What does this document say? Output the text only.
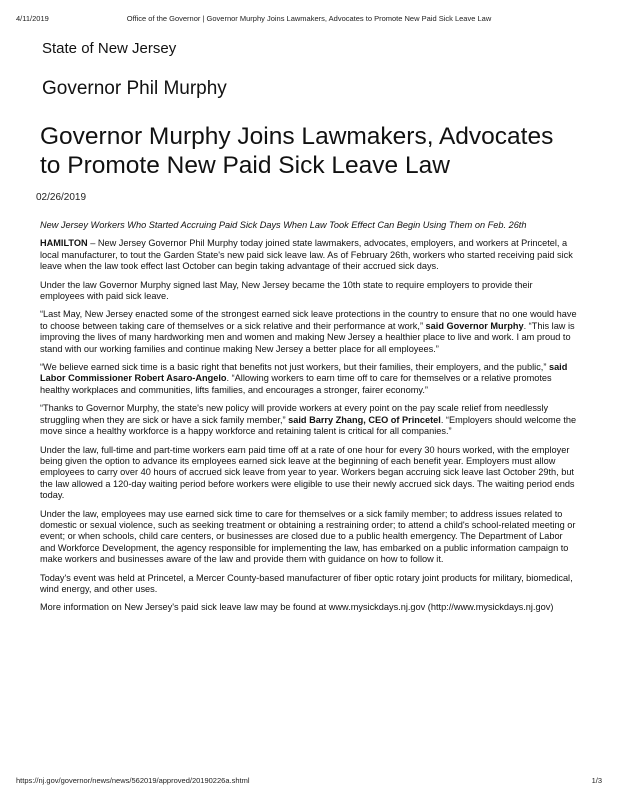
4/11/2019	Office of the Governor | Governor Murphy Joins Lawmakers, Advocates to Promote New Paid Sick Leave Law
State of New Jersey
Governor Phil Murphy
Governor Murphy Joins Lawmakers, Advocates to Promote New Paid Sick Leave Law
02/26/2019

New Jersey Workers Who Started Accruing Paid Sick Days When Law Took Effect Can Begin Using Them on Feb. 26th

HAMILTON – New Jersey Governor Phil Murphy today joined state lawmakers, advocates, employers, and workers at Princetel, a local manufacturer, to tout the Garden State's new paid sick leave law. As of February 26th, workers who started receiving paid sick leave when the law took effect last October can begin taking advantage of their accrued sick days.

Under the law Governor Murphy signed last May, New Jersey became the 10th state to require employers to provide their employees with paid sick leave.

“Last May, New Jersey enacted some of the strongest earned sick leave protections in the country to ensure that no one would have to choose between taking care of themselves or a sick relative and their performance at work,” said Governor Murphy. “This law is improving the lives of many hardworking men and women and making New Jersey a healthier place to live and work. I am proud to stand with our working families and continue making New Jersey a better place for all employees.”

“We believe earned sick time is a basic right that benefits not just workers, but their families, their employers, and the public,” said Labor Commissioner Robert Asaro-Angelo. “Allowing workers to earn time off to care for themselves or a relative promotes healthy workplaces and communities, lifts families, and encourages a stronger, fairer economy.”

“Thanks to Governor Murphy, the state's new policy will provide workers at every point on the pay scale relief from needlessly struggling when they are sick or have a sick family member,” said Barry Zhang, CEO of Princetel. “Employers should welcome the move since a healthy workforce is a happy workforce and retaining talent is critical for all companies.”

Under the law, full-time and part-time workers earn paid time off at a rate of one hour for every 30 hours worked, with the employer being given the option to advance its employees earned sick leave at the beginning of each benefit year. Employers must allow employees to carry over 40 hours of accrued sick leave from year to year. Workers began accruing sick leave last October 29th, but the law allowed a 120-day waiting period before workers were eligible to use their newly accrued sick days. The waiting period ends today.

Under the law, employees may use earned sick time to care for themselves or a sick family member; to address issues related to domestic or sexual violence, such as seeking treatment or obtaining a restraining order; to attend a child's school-related meeting or event; or when schools, child care centers, or businesses are closed due to a public health emergency. The Department of Labor and Workforce Development, the agency responsible for implementing the law, has embarked on a public information campaign to make workers and businesses aware of the law and provide them with guidance on how to follow it.

Today's event was held at Princetel, a Mercer County-based manufacturer of fiber optic rotary joint products for military, biomedical, wind energy, and other uses.

More information on New Jersey's paid sick leave law may be found at www.mysickdays.nj.gov (http://www.mysickdays.nj.gov)

https://nj.gov/governor/news/news/562019/approved/20190226a.shtml	1/3
